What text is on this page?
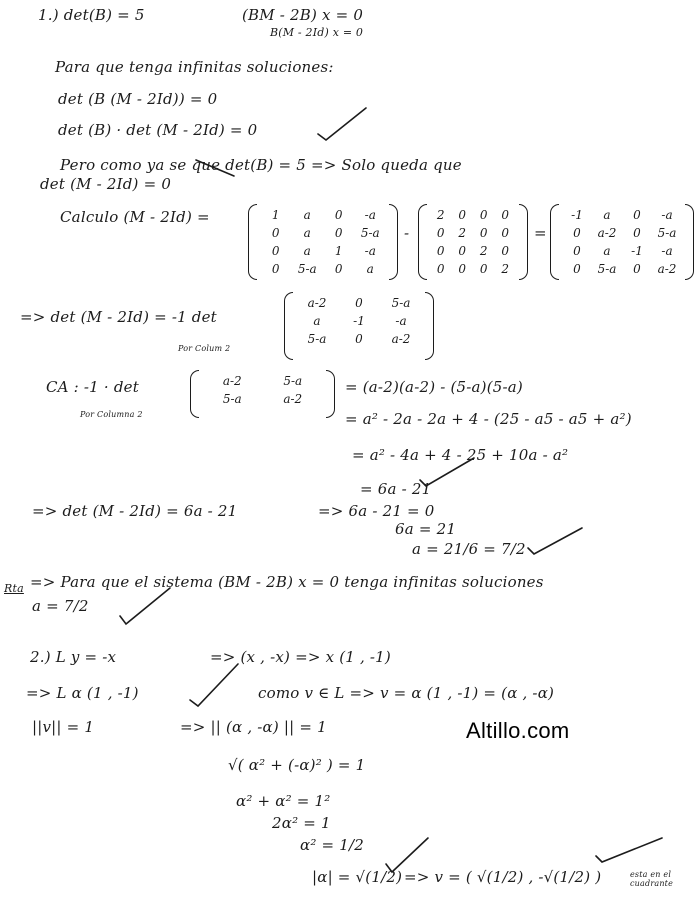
1.) det(B) = 5	(BM - 2B) x = 0
B(M - 2Id) x = 0
Para que tenga infinitas soluciones:
det (B (M - 2Id)) = 0
det (B) · det (M - 2Id) = 0
Pero como ya se que det(B) = 5 => Solo queda que
det (M - 2Id) = 0
Calculo (M - 2Id) =	1	a	0	-a
0	a	0	5-a
0	a	1	-a
0	5-a	0	a
-
2	0	0	0
0	2	0	0
0	0	2	0
0	0	0	2
=
-1	a	0	-a
0	a-2	0	5-a
0	a	-1	-a
0	5-a	0	a-2
=> det (M - 2Id) = -1 det
Por Colum 2
a-2	0	5-a
a	-1	-a
5-a	0	a-2
CA : -1 · det
Por Columna 2
a-2	5-a
5-a	a-2
= (a-2)(a-2) - (5-a)(5-a)
= a² - 2a - 2a + 4 - (25 - a5 - a5 + a²)
= a² - 4a + 4 - 25 + 10a - a²
= 6a - 21
=> det (M - 2Id) = 6a - 21	=> 6a - 21 = 0
6a = 21
a = 21/6 = 7/2
Rta => Para que el sistema (BM - 2B) x = 0 tenga infinitas soluciones
a = 7/2
2.) L y = -x	=> (x , -x) => x (1 , -1)
=> L α (1 , -1)	como v ∈ L => v = α (1 , -1) = (α , -α)
||v|| = 1	=> || (α , -α) || = 1	Altillo.com
√( α² + (-α)² ) = 1
α² + α² = 1²
2α² = 1
α² = 1/2
|α| = √(1/2) => v = ( √(1/2) , -√(1/2) )	esta en el cuadrante
